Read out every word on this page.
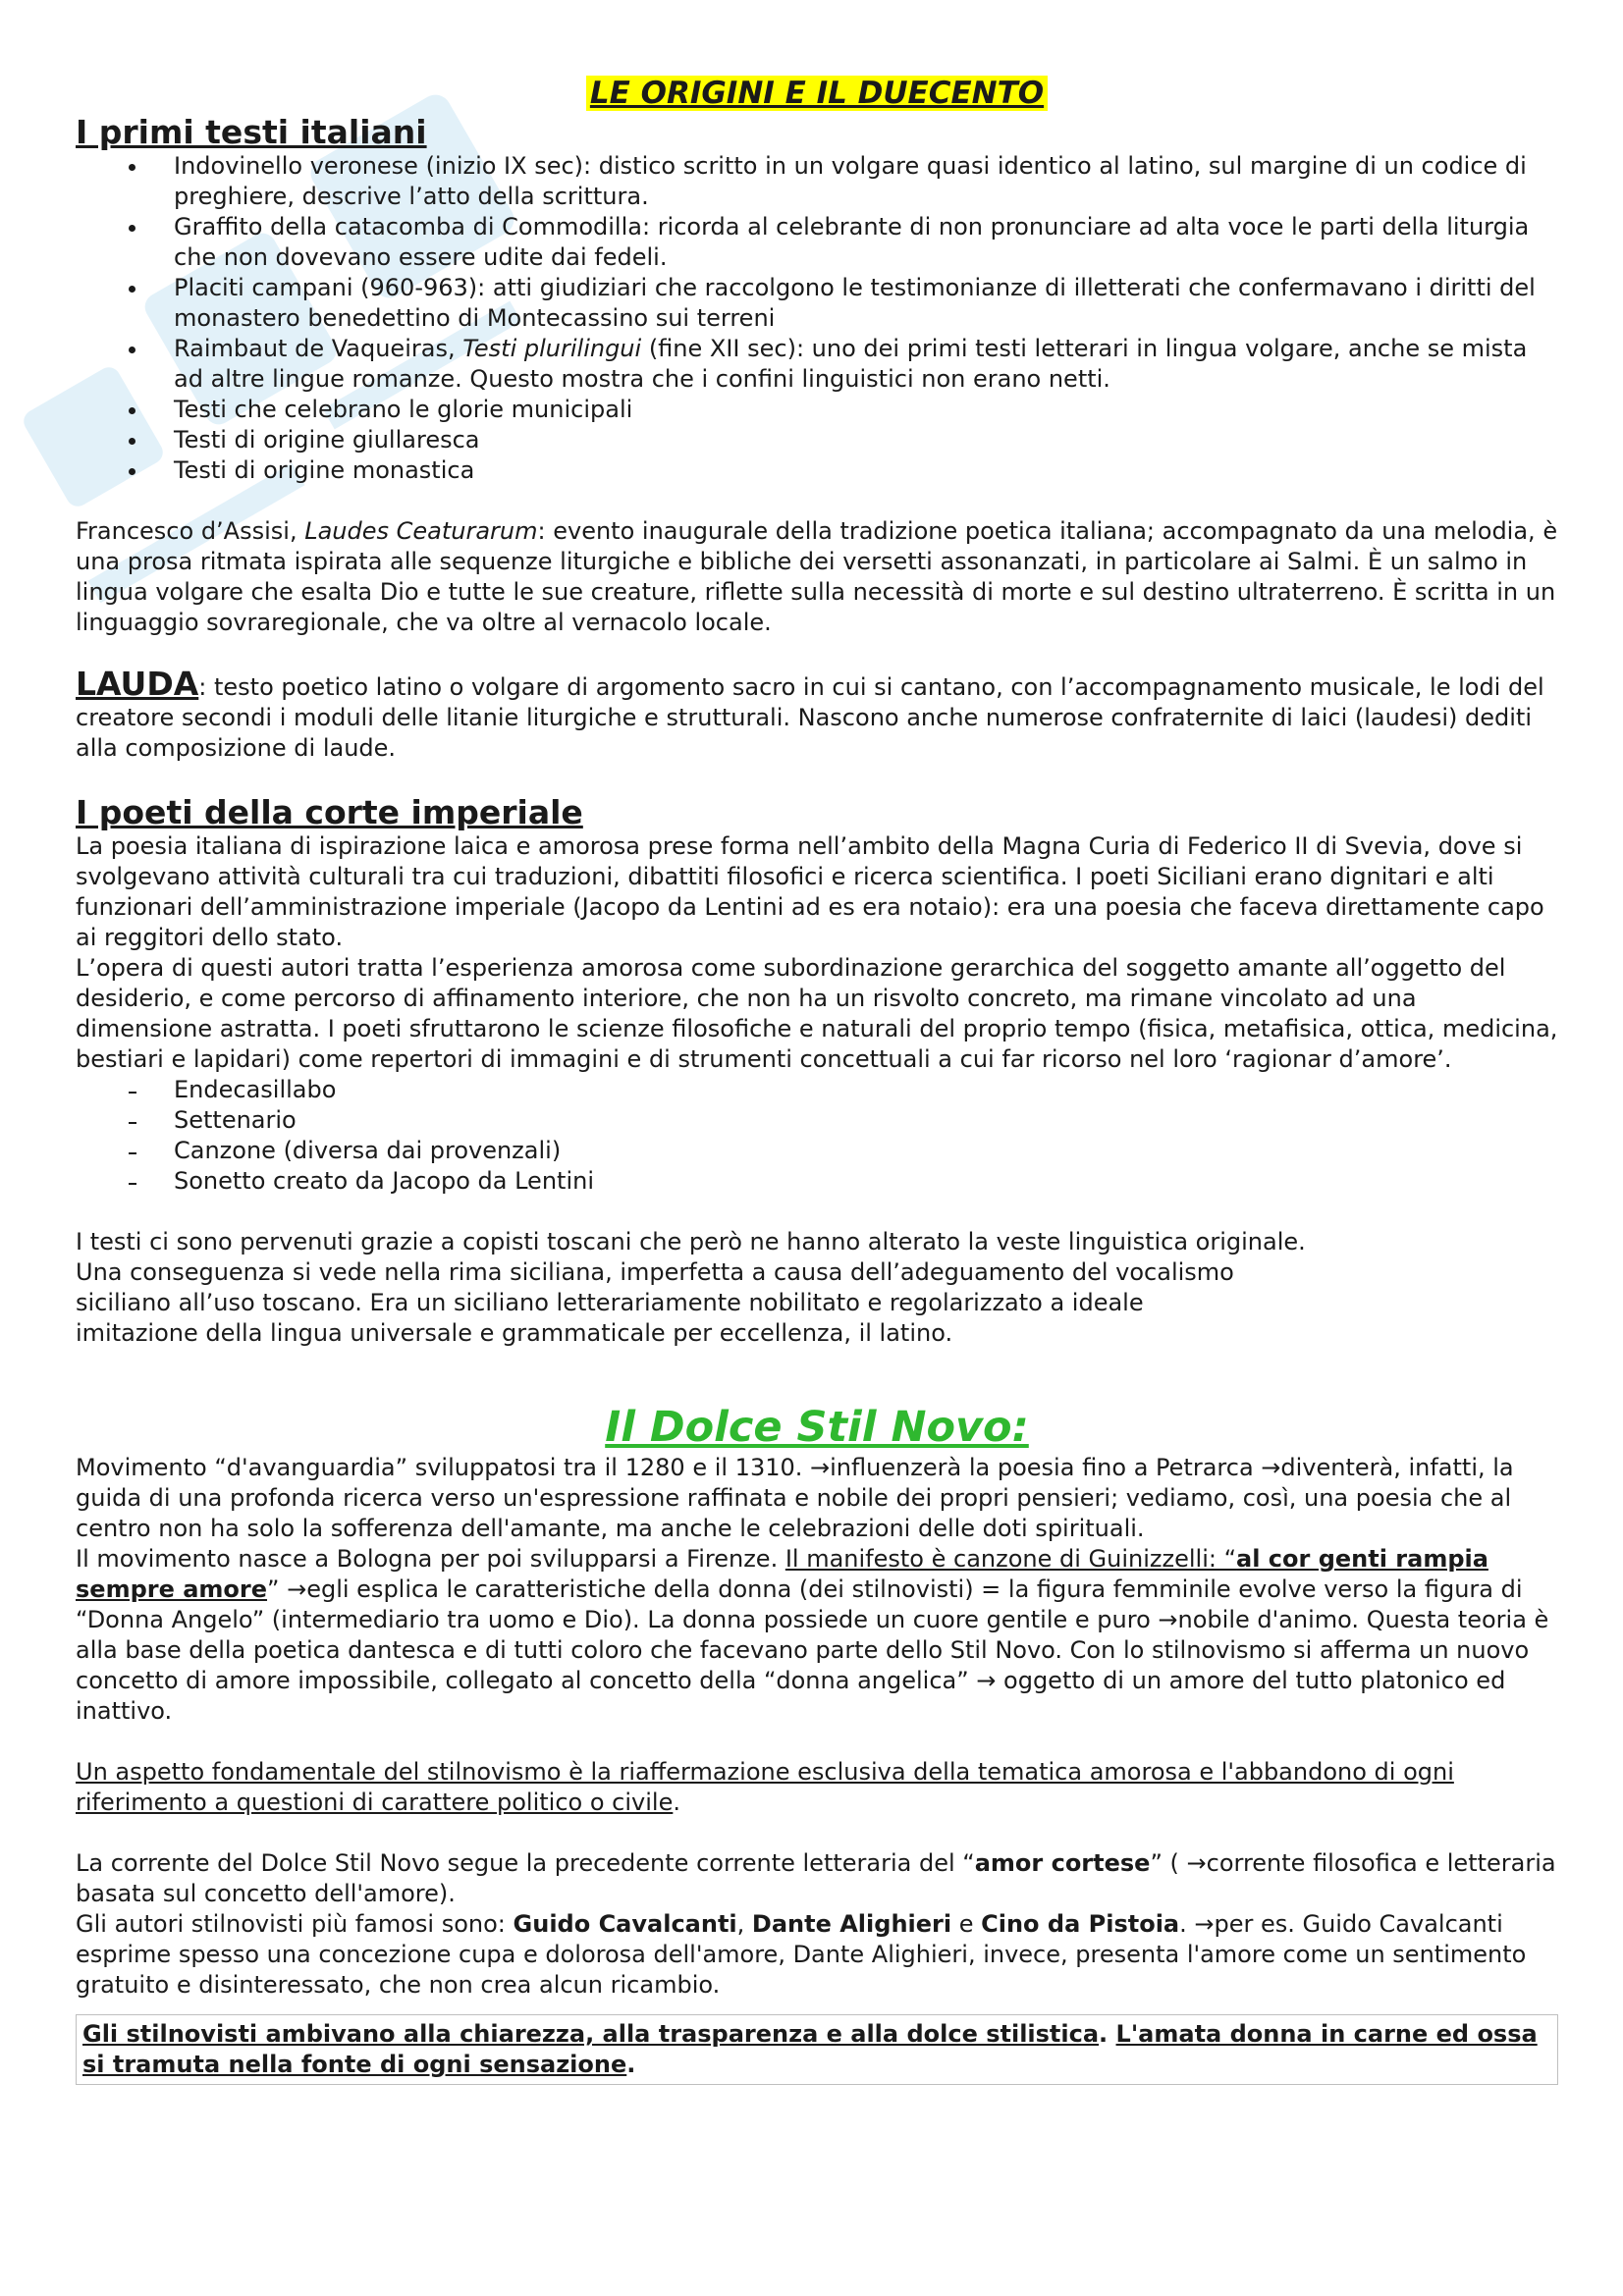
LE ORIGINI E IL DUECENTO
I primi testi italiani
Indovinello veronese (inizio IX sec): distico scritto in un volgare quasi identico al latino, sul margine di un codice di preghiere, descrive l’atto della scrittura.
Graffito della catacomba di Commodilla: ricorda al celebrante di non pronunciare ad alta voce le parti della liturgia che non dovevano essere udite dai fedeli.
Placiti campani (960-963): atti giudiziari che raccolgono le testimonianze di illetterati che confermavano i diritti del monastero benedettino di Montecassino sui terreni
Raimbaut de Vaqueiras, Testi plurilingui (fine XII sec): uno dei primi testi letterari in lingua volgare, anche se mista ad altre lingue romanze. Questo mostra che i confini linguistici non erano netti.
Testi che celebrano le glorie municipali
Testi di origine giullaresca
Testi di origine monastica

Francesco d’Assisi, Laudes Ceaturarum: evento inaugurale della tradizione poetica italiana; accompagnato da una melodia, è una prosa ritmata ispirata alle sequenze liturgiche e bibliche dei versetti assonanzati, in particolare ai Salmi. È un salmo in lingua volgare che esalta Dio e tutte le sue creature, riflette sulla necessità di morte e sul destino ultraterreno. È scritta in un linguaggio sovraregionale, che va oltre al vernacolo locale.

LAUDA: testo poetico latino o volgare di argomento sacro in cui si cantano, con l’accompagnamento musicale, le lodi del creatore secondi i moduli delle litanie liturgiche e strutturali. Nascono anche numerose confraternite di laici (laudesi) dediti alla composizione di laude.

I poeti della corte imperiale

La poesia italiana di ispirazione laica e amorosa prese forma nell’ambito della Magna Curia di Federico II di Svevia, dove si svolgevano attività culturali tra cui traduzioni, dibattiti filosofici e ricerca scientifica. I poeti Siciliani erano dignitari e alti funzionari dell’amministrazione imperiale (Jacopo da Lentini ad es era notaio): era una poesia che faceva direttamente capo ai reggitori dello stato.

L’opera di questi autori tratta l’esperienza amorosa come subordinazione gerarchica del soggetto amante all’oggetto del desiderio, e come percorso di affinamento interiore, che non ha un risvolto concreto, ma rimane vincolato ad una dimensione astratta. I poeti sfruttarono le scienze filosofiche e naturali del proprio tempo (fisica, metafisica, ottica, medicina, bestiari e lapidari) come repertori di immagini e di strumenti concettuali a cui far ricorso nel loro ‘ragionar d’amore’.

Endecasillabo
Settenario
Canzone (diversa dai provenzali)
Sonetto creato da Jacopo da Lentini

I testi ci sono pervenuti grazie a copisti toscani che però ne hanno alterato la veste linguistica originale.

Una conseguenza si vede nella rima siciliana, imperfetta a causa dell’adeguamento del vocalismo

siciliano all’uso toscano. Era un siciliano letterariamente nobilitato e regolarizzato a ideale

imitazione della lingua universale e grammaticale per eccellenza, il latino.

Il Dolce Stil Novo:

Movimento “d'avanguardia” sviluppatosi tra il 1280 e il 1310. →influenzerà la poesia fino a Petrarca →diventerà, infatti, la guida di una profonda ricerca verso un'espressione raffinata e nobile dei propri pensieri; vediamo, così, una poesia che al centro non ha solo la sofferenza dell'amante, ma anche le celebrazioni delle doti spirituali.

Il movimento nasce a Bologna per poi svilupparsi a Firenze. Il manifesto è canzone di Guinizzelli: “al cor genti rampia sempre amore” →egli esplica le caratteristiche della donna (dei stilnovisti) = la figura femminile evolve verso la figura di “Donna Angelo” (intermediario tra uomo e Dio). La donna possiede un cuore gentile e puro →nobile d'animo. Questa teoria è alla base della poetica dantesca e di tutti coloro che facevano parte dello Stil Novo. Con lo stilnovismo si afferma un nuovo concetto di amore impossibile, collegato al concetto della “donna angelica” → oggetto di un amore del tutto platonico ed inattivo.

Un aspetto fondamentale del stilnovismo è la riaffermazione esclusiva della tematica amorosa e l'abbandono di ogni riferimento a questioni di carattere politico o civile.

La corrente del Dolce Stil Novo segue la precedente corrente letteraria del “amor cortese” ( →corrente filosofica e letteraria basata sul concetto dell'amore).

Gli autori stilnovisti più famosi sono: Guido Cavalcanti, Dante Alighieri e Cino da Pistoia. →per es. Guido Cavalcanti esprime spesso una concezione cupa e dolorosa dell'amore, Dante Alighieri, invece, presenta l'amore come un sentimento gratuito e disinteressato, che non crea alcun ricambio.

Gli stilnovisti ambivano alla chiarezza, alla trasparenza e alla dolce stilistica. L'amata donna in carne ed ossa si tramuta nella fonte di ogni sensazione.
